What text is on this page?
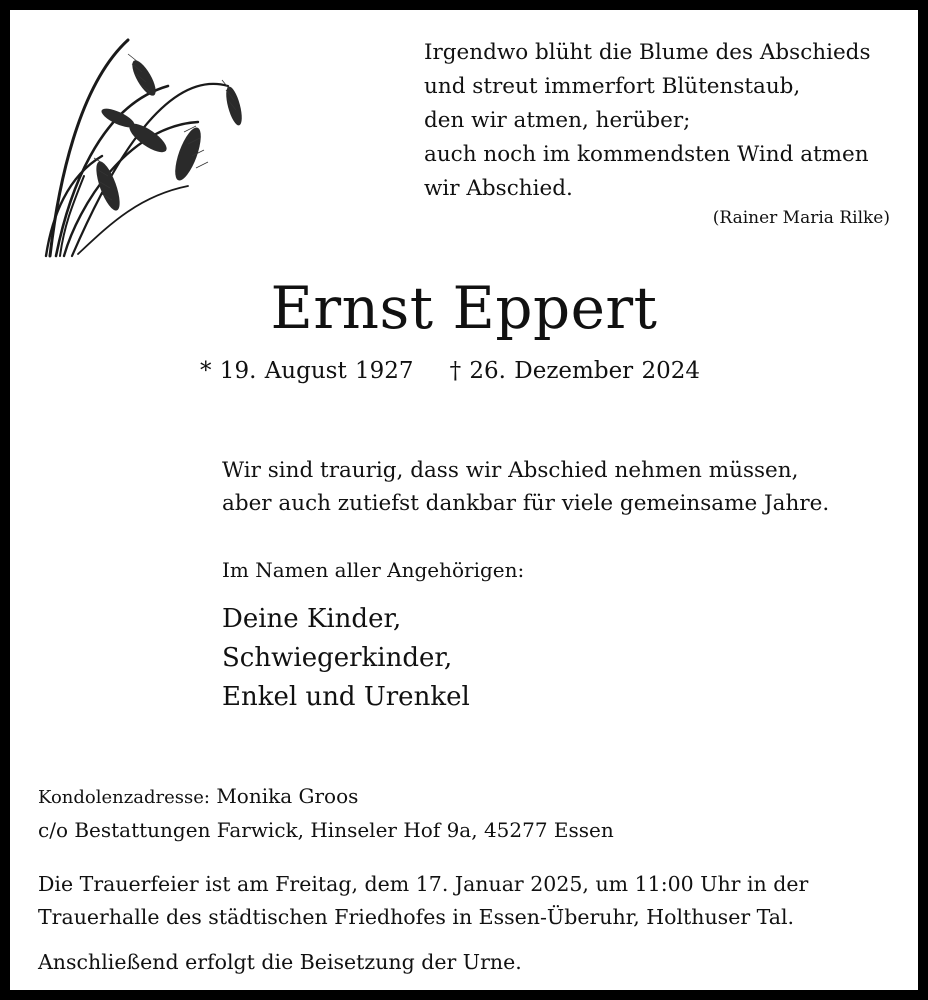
Irgendwo blüht die Blume des Abschieds
und streut immerfort Blütenstaub,
den wir atmen, herüber;
auch noch im kommendsten Wind atmen
wir Abschied.
(Rainer Maria Rilke)
Ernst Eppert
* 19. August 1927 † 26. Dezember 2024
Wir sind traurig, dass wir Abschied nehmen müssen,
aber auch zutiefst dankbar für viele gemeinsame Jahre.
Im Namen aller Angehörigen:
Deine Kinder,
Schwiegerkinder,
Enkel und Urenkel
Kondolenzadresse: Monika Groos
c/o Bestattungen Farwick, Hinseler Hof 9a, 45277 Essen
Die Trauerfeier ist am Freitag, dem 17. Januar 2025, um 11:00 Uhr in der
Trauerhalle des städtischen Friedhofes in Essen-Überuhr, Holthuser Tal.
Anschließend erfolgt die Beisetzung der Urne.
